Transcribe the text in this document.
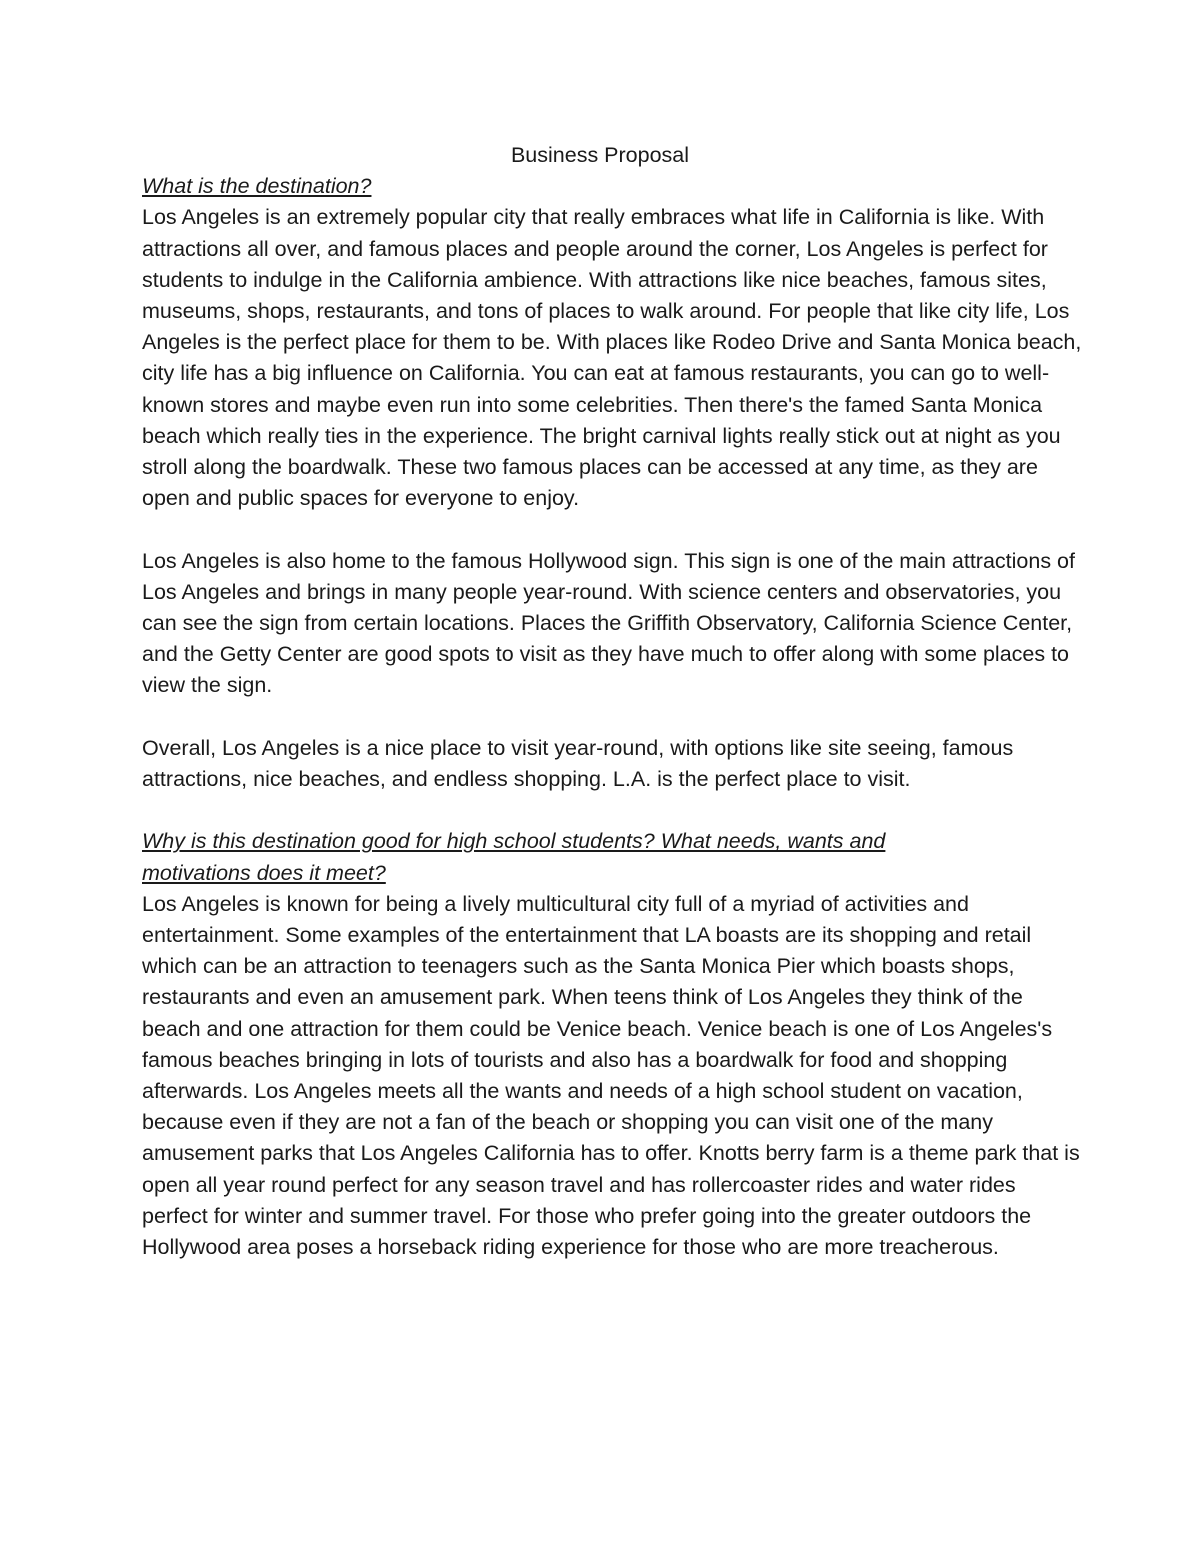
Business Proposal

What is the destination?

Los Angeles is an extremely popular city that really embraces what life in California is like. With attractions all over, and famous places and people around the corner, Los Angeles is perfect for students to indulge in the California ambience. With attractions like nice beaches, famous sites, museums, shops, restaurants, and tons of places to walk around. For people that like city life, Los Angeles is the perfect place for them to be. With places like Rodeo Drive and Santa Monica beach, city life has a big influence on California. You can eat at famous restaurants, you can go to well-known stores and maybe even run into some celebrities. Then there's the famed Santa Monica beach which really ties in the experience. The bright carnival lights really stick out at night as you stroll along the boardwalk. These two famous places can be accessed at any time, as they are open and public spaces for everyone to enjoy.

Los Angeles is also home to the famous Hollywood sign. This sign is one of the main attractions of Los Angeles and brings in many people year-round. With science centers and observatories, you can see the sign from certain locations. Places the Griffith Observatory, California Science Center, and the Getty Center are good spots to visit as they have much to offer along with some places to view the sign.

Overall, Los Angeles is a nice place to visit year-round, with options like site seeing, famous attractions, nice beaches, and endless shopping. L.A. is the perfect place to visit.

Why is this destination good for high school students? What needs, wants and motivations does it meet?

Los Angeles is known for being a lively multicultural city full of a myriad of activities and entertainment. Some examples of the entertainment that LA boasts are its shopping and retail which can be an attraction to teenagers such as the Santa Monica Pier which boasts shops, restaurants and even an amusement park. When teens think of Los Angeles they think of the beach and one attraction for them could be Venice beach. Venice beach is one of Los Angeles's famous beaches bringing in lots of tourists and also has a boardwalk for food and shopping afterwards. Los Angeles meets all the wants and needs of a high school student on vacation, because even if they are not a fan of the beach or shopping you can visit one of the many amusement parks that Los Angeles California has to offer. Knotts berry farm is a theme park that is open all year round perfect for any season travel and has rollercoaster rides and water rides perfect for winter and summer travel. For those who prefer going into the greater outdoors the Hollywood area poses a horseback riding experience for those who are more treacherous.
